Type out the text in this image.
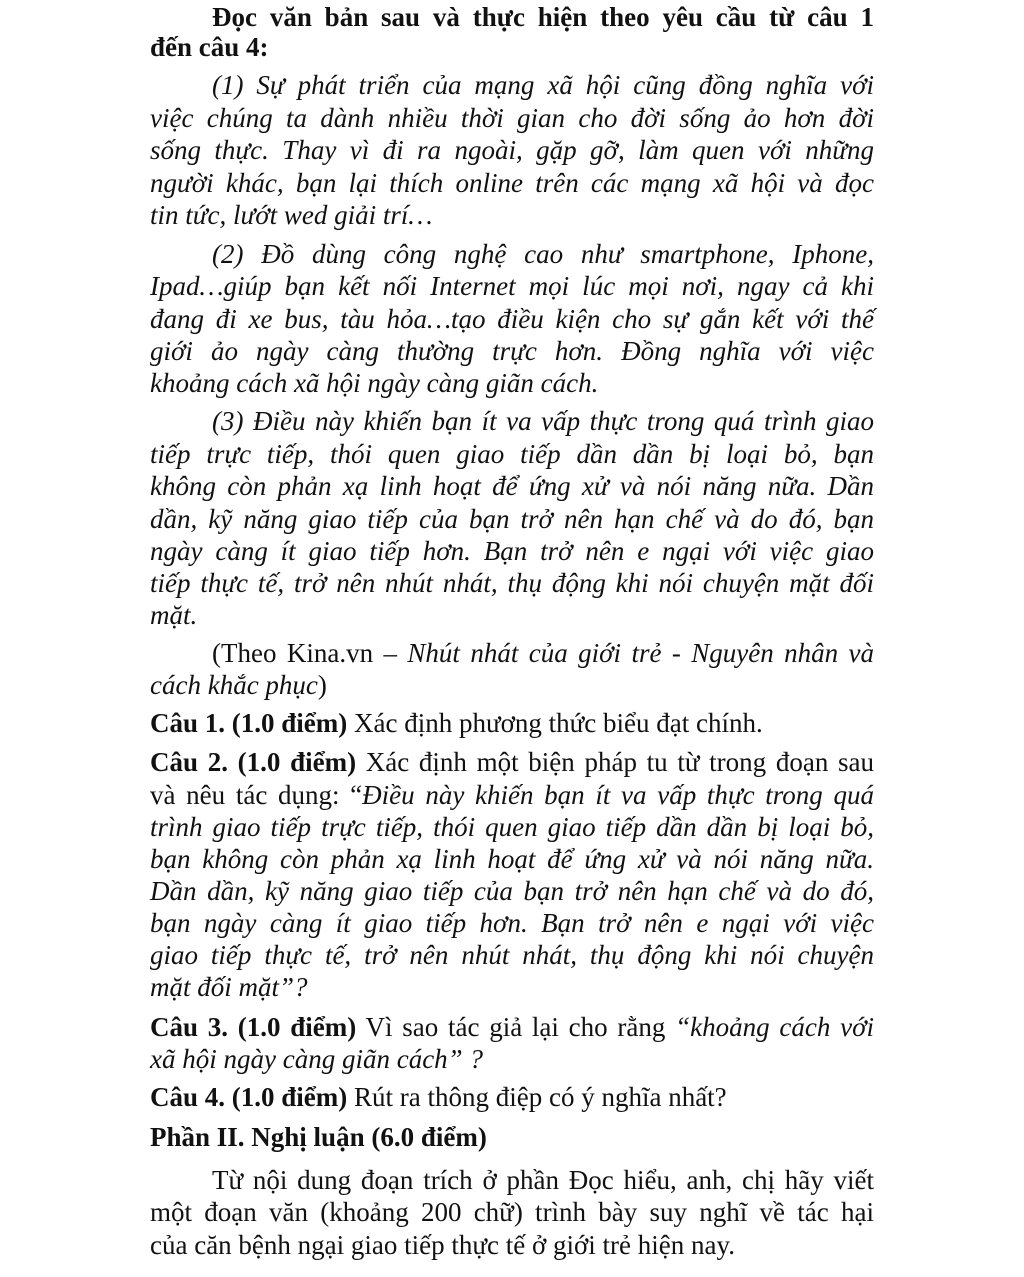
Đọc văn bản sau và thực hiện theo yêu cầu từ câu 1
đến câu 4:
(1) Sự phát triển của mạng xã hội cũng đồng nghĩa với
việc chúng ta dành nhiều thời gian cho đời sống ảo hơn đời
sống thực. Thay vì đi ra ngoài, gặp gỡ, làm quen với những
người khác, bạn lại thích online trên các mạng xã hội và đọc
tin tức, lướt wed giải trí…
(2) Đồ dùng công nghệ cao như smartphone, Iphone,
Ipad…giúp bạn kết nối Internet mọi lúc mọi nơi, ngay cả khi
đang đi xe bus, tàu hỏa…tạo điều kiện cho sự gắn kết với thế
giới ảo ngày càng thường trực hơn. Đồng nghĩa với việc
khoảng cách xã hội ngày càng giãn cách.
(3) Điều này khiến bạn ít va vấp thực trong quá trình giao
tiếp trực tiếp, thói quen giao tiếp dần dần bị loại bỏ, bạn
không còn phản xạ linh hoạt để ứng xử và nói năng nữa. Dần
dần, kỹ năng giao tiếp của bạn trở nên hạn chế và do đó, bạn
ngày càng ít giao tiếp hơn. Bạn trở nên e ngại với việc giao
tiếp thực tế, trở nên nhút nhát, thụ động khi nói chuyện mặt đối
mặt.
(Theo Kina.vn – Nhút nhát của giới trẻ - Nguyên nhân và
cách khắc phục)
Câu 1. (1.0 điểm) Xác định phương thức biểu đạt chính.
Câu 2. (1.0 điểm) Xác định một biện pháp tu từ trong đoạn sau
và nêu tác dụng: “Điều này khiến bạn ít va vấp thực trong quá
trình giao tiếp trực tiếp, thói quen giao tiếp dần dần bị loại bỏ,
bạn không còn phản xạ linh hoạt để ứng xử và nói năng nữa.
Dần dần, kỹ năng giao tiếp của bạn trở nên hạn chế và do đó,
bạn ngày càng ít giao tiếp hơn. Bạn trở nên e ngại với việc
giao tiếp thực tế, trở nên nhút nhát, thụ động khi nói chuyện
mặt đối mặt”?
Câu 3. (1.0 điểm) Vì sao tác giả lại cho rằng “khoảng cách với
xã hội ngày càng giãn cách” ?
Câu 4. (1.0 điểm) Rút ra thông điệp có ý nghĩa nhất?
Phần II. Nghị luận (6.0 điểm)
Từ nội dung đoạn trích ở phần Đọc hiểu, anh, chị hãy viết
một đoạn văn (khoảng 200 chữ) trình bày suy nghĩ về tác hại
của căn bệnh ngại giao tiếp thực tế ở giới trẻ hiện nay.
